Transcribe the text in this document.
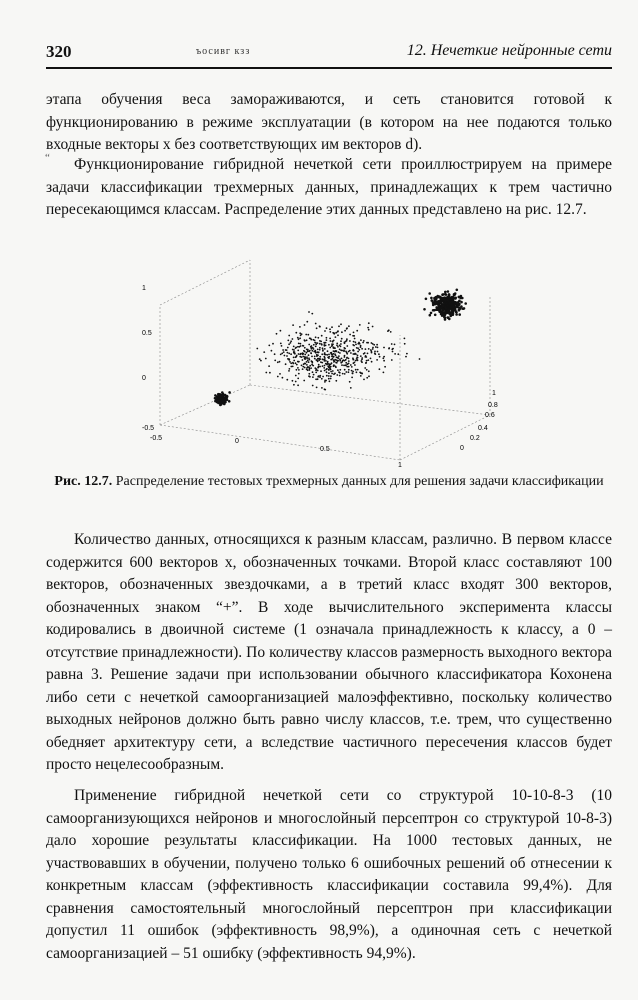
320	ъосивг кзз	12. Нечеткие нейронные сети
этапа обучения веса замораживаются, и сеть становится готовой к функционированию в режиме эксплуатации (в котором на нее подаются только входные векторы x без соответствующих им векторов d).
“	Функционирование гибридной нечеткой сети проиллюстрируем на примере задачи классификации трехмерных данных, принадлежащих к трем частично пересекающимся классам. Распределение этих данных представлено на рис. 12.7.
-0.5
0
0.5
1
-0.5	0
0.5
1
0
0.2
0.4
0.6
0.8
1
Рис. 12.7. Распределение тестовых трехмерных данных для решения задачи классификации
Количество данных, относящихся к разным классам, различно. В первом классе содержится 600 векторов x, обозначенных точками. Второй класс составляют 100 векторов, обозначенных звездочками, а в третий класс входят 300 векторов, обозначенных знаком “+”. В ходе вычислительного эксперимента классы кодировались в двоичной системе (1 означала принадлежность к классу, а 0 – отсутствие принадлежности). По количеству классов размерность выходного вектора равна 3. Решение задачи при использовании обычного классификатора Кохонена либо сети с нечеткой самоорганизацией малоэффективно, поскольку количество выходных нейронов должно быть равно числу классов, т.е. трем, что существенно обедняет архитектуру сети, а вследствие частичного пересечения классов будет просто нецелесообразным.
Применение гибридной нечеткой сети со структурой 10-10-8-3 (10 самоорганизующихся нейронов и многослойный персептрон со структурой 10-8-3) дало хорошие результаты классификации. На 1000 тестовых данных, не участвовавших в обучении, получено только 6 ошибочных решений об отнесении к конкретным классам (эффективность классификации составила 99,4%). Для сравнения самостоятельный многослойный персептрон при классификации допустил 11 ошибок (эффективность 98,9%), а одиночная сеть с нечеткой самоорганизацией – 51 ошибку (эффективность 94,9%).
